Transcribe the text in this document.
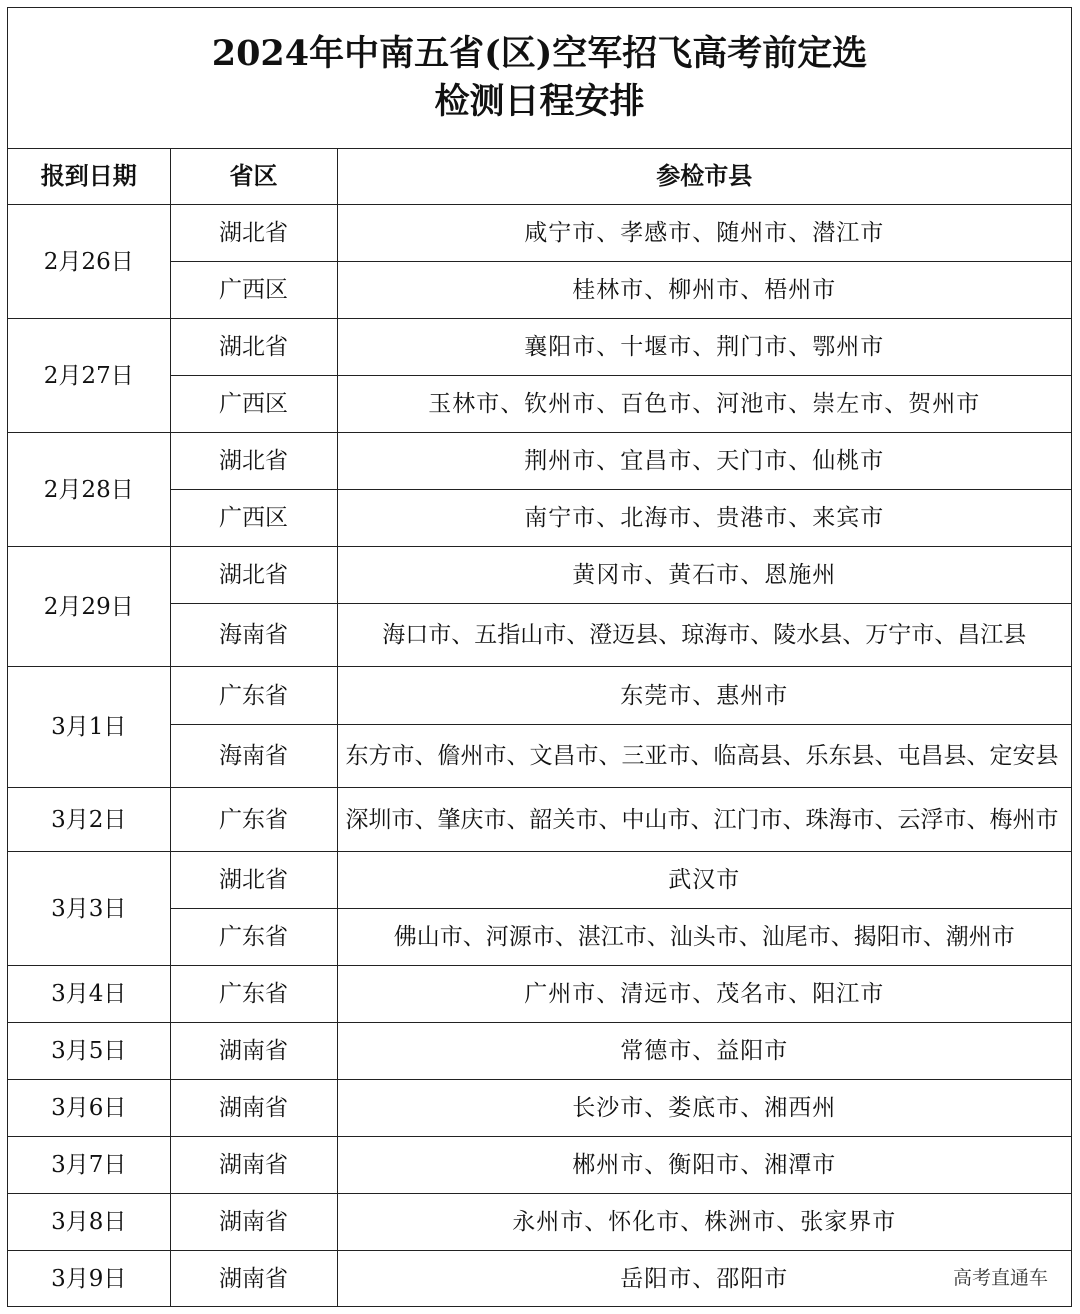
2024年中南五省(区)空军招飞高考前定选
检测日程安排
报到日期	省区	参检市县
2月26日	湖北省	咸宁市、孝感市、随州市、潜江市
	广西区	桂林市、柳州市、梧州市
2月27日	湖北省	襄阳市、十堰市、荆门市、鄂州市
	广西区	玉林市、钦州市、百色市、河池市、崇左市、贺州市
2月28日	湖北省	荆州市、宜昌市、天门市、仙桃市
	广西区	南宁市、北海市、贵港市、来宾市
2月29日	湖北省	黄冈市、黄石市、恩施州
	海南省	海口市、五指山市、澄迈县、琼海市、陵水县、万宁市、昌江县
3月1日	广东省	东莞市、惠州市
	海南省	东方市、儋州市、文昌市、三亚市、临高县、乐东县、屯昌县、定安县
3月2日	广东省	深圳市、肇庆市、韶关市、中山市、江门市、珠海市、云浮市、梅州市
3月3日	湖北省	武汉市
	广东省	佛山市、河源市、湛江市、汕头市、汕尾市、揭阳市、潮州市
3月4日	广东省	广州市、清远市、茂名市、阳江市
3月5日	湖南省	常德市、益阳市
3月6日	湖南省	长沙市、娄底市、湘西州
3月7日	湖南省	郴州市、衡阳市、湘潭市
3月8日	湖南省	永州市、怀化市、株洲市、张家界市
3月9日	湖南省	岳阳市、邵阳市	高考直通车
